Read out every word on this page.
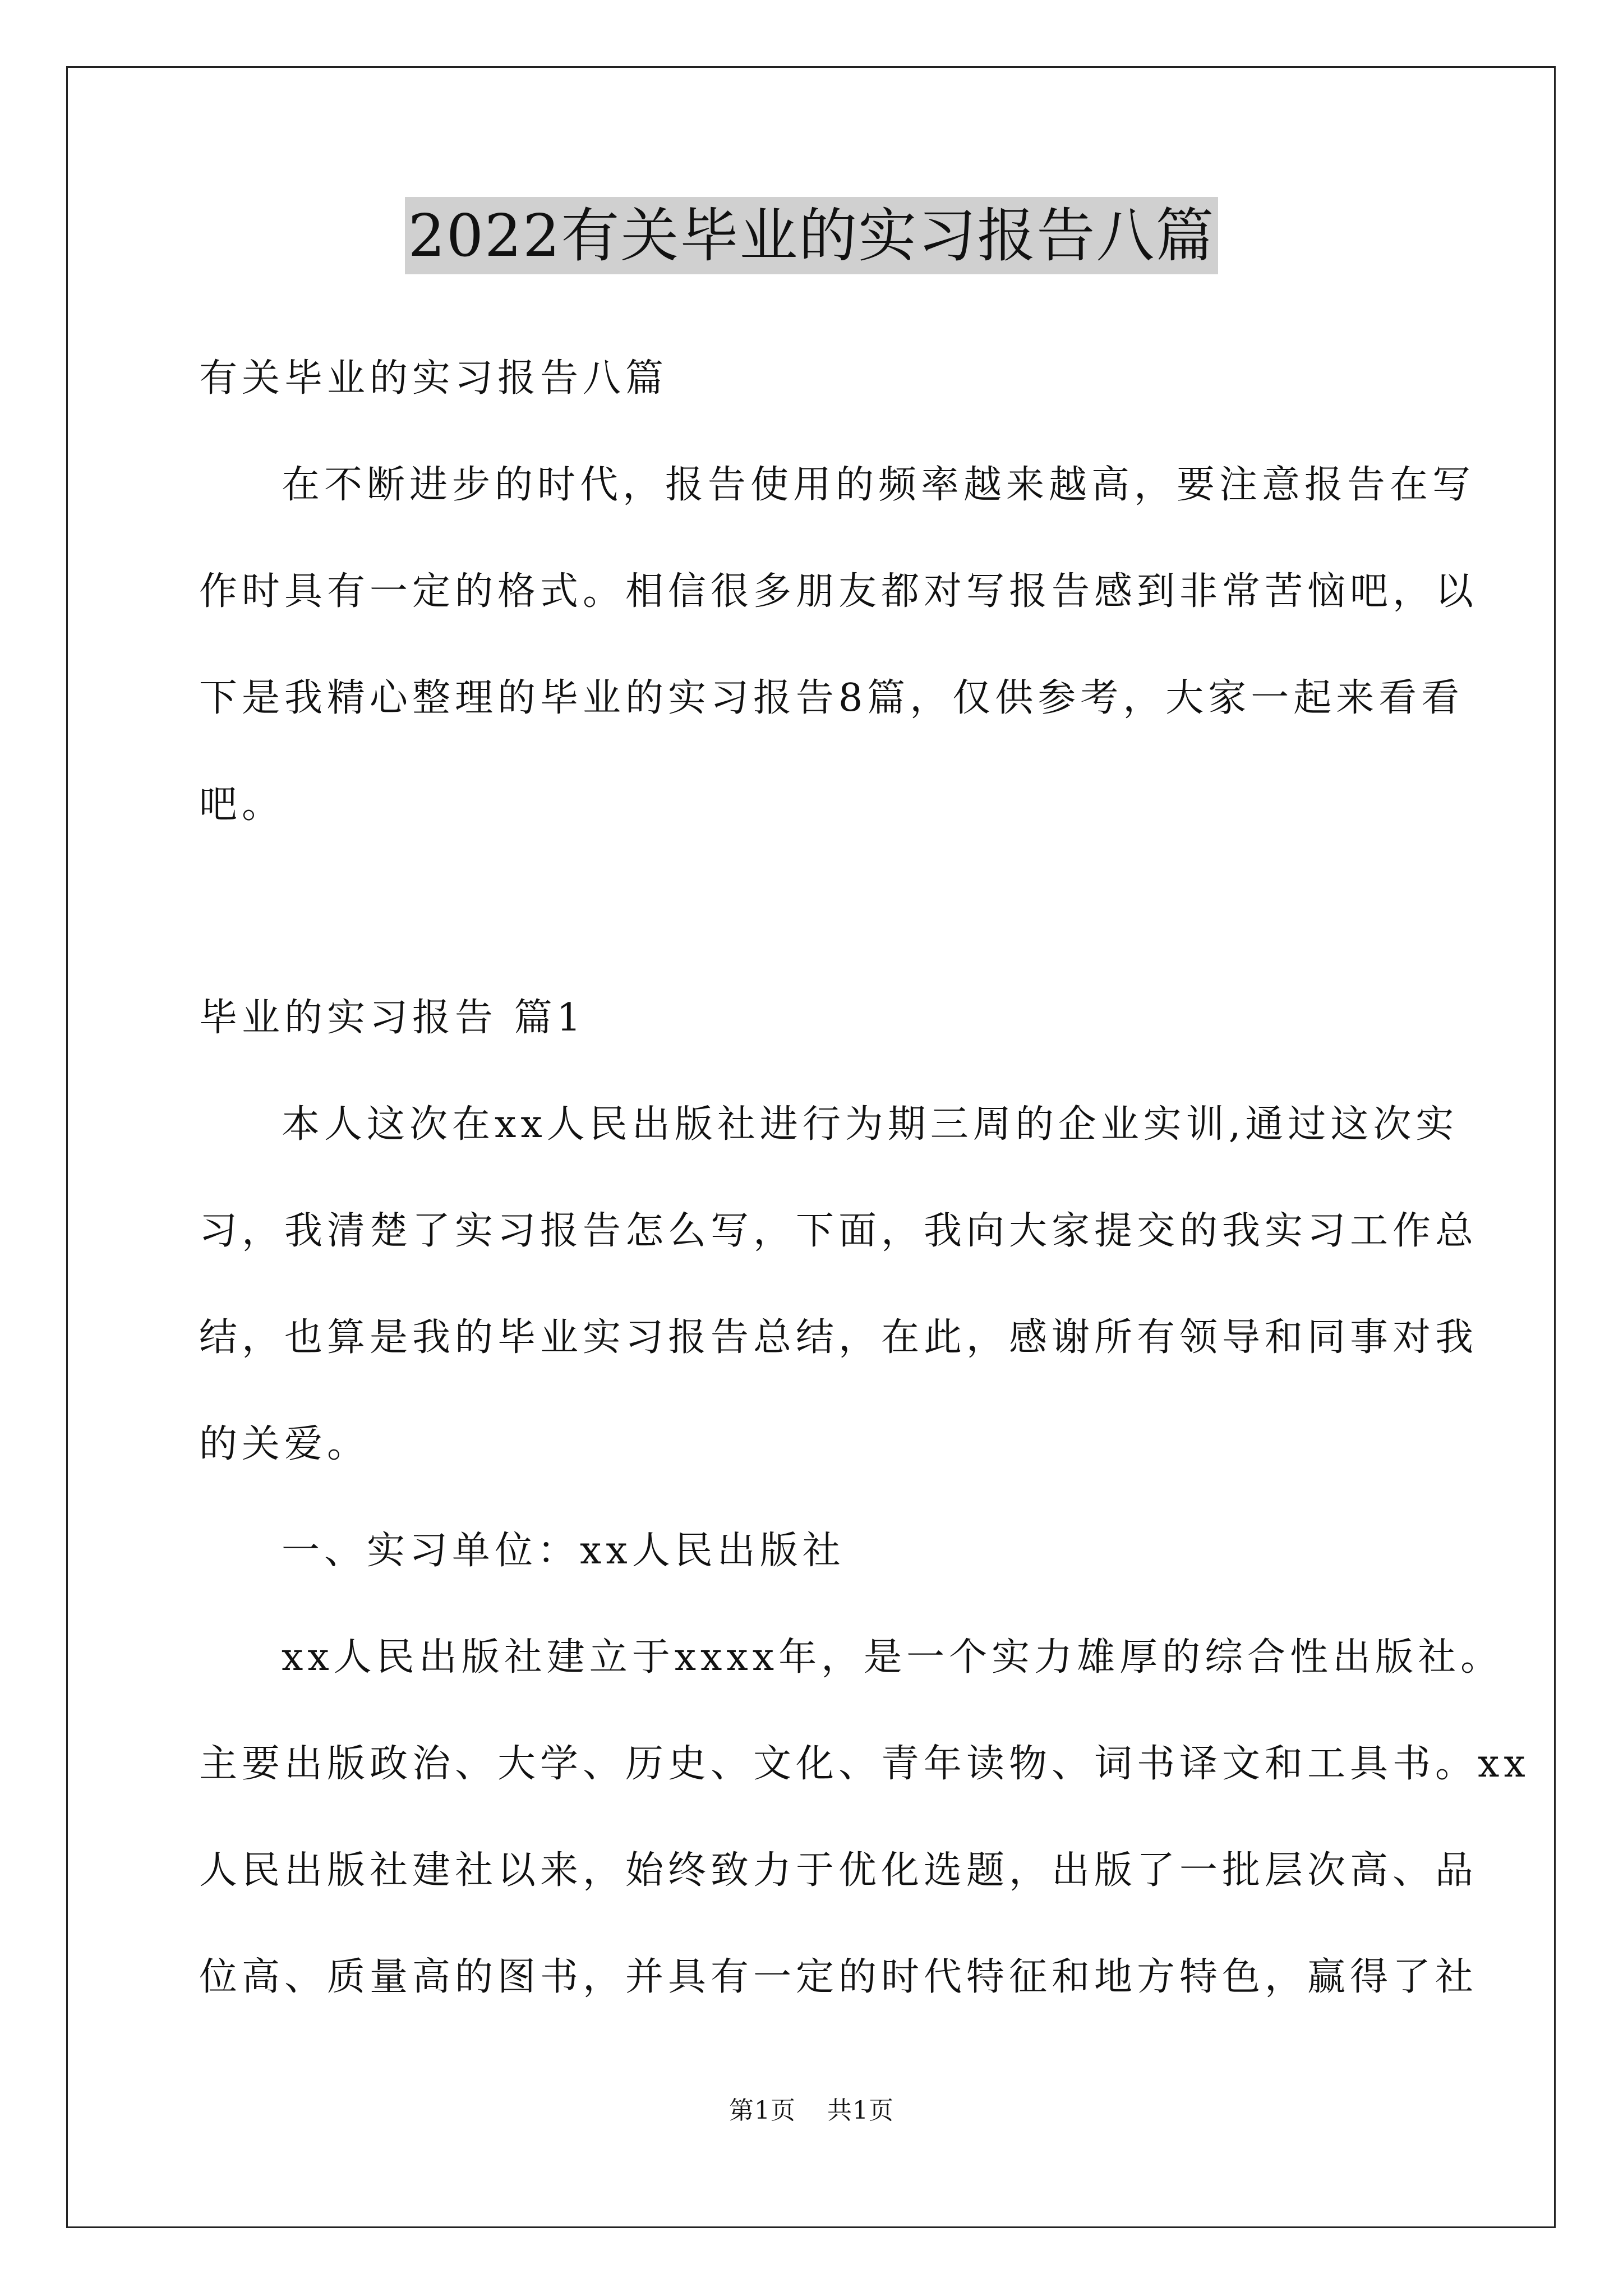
2022有关毕业的实习报告八篇
有关毕业的实习报告八篇
在不断进步的时代，报告使用的频率越来越高，要注意报告在写
作时具有一定的格式。相信很多朋友都对写报告感到非常苦恼吧，以
下是我精心整理的毕业的实习报告8篇，仅供参考，大家一起来看看
吧。
毕业的实习报告 篇1
本人这次在xx人民出版社进行为期三周的企业实训,通过这次实
习，我清楚了实习报告怎么写，下面，我向大家提交的我实习工作总
结，也算是我的毕业实习报告总结，在此，感谢所有领导和同事对我
的关爱。
一、实习单位：xx人民出版社
xx人民出版社建立于xxxx年，是一个实力雄厚的综合性出版社。
主要出版政治、大学、历史、文化、青年读物、词书译文和工具书。xx
人民出版社建社以来，始终致力于优化选题，出版了一批层次高、品
位高、质量高的图书，并具有一定的时代特征和地方特色，赢得了社
第1页 共1页
